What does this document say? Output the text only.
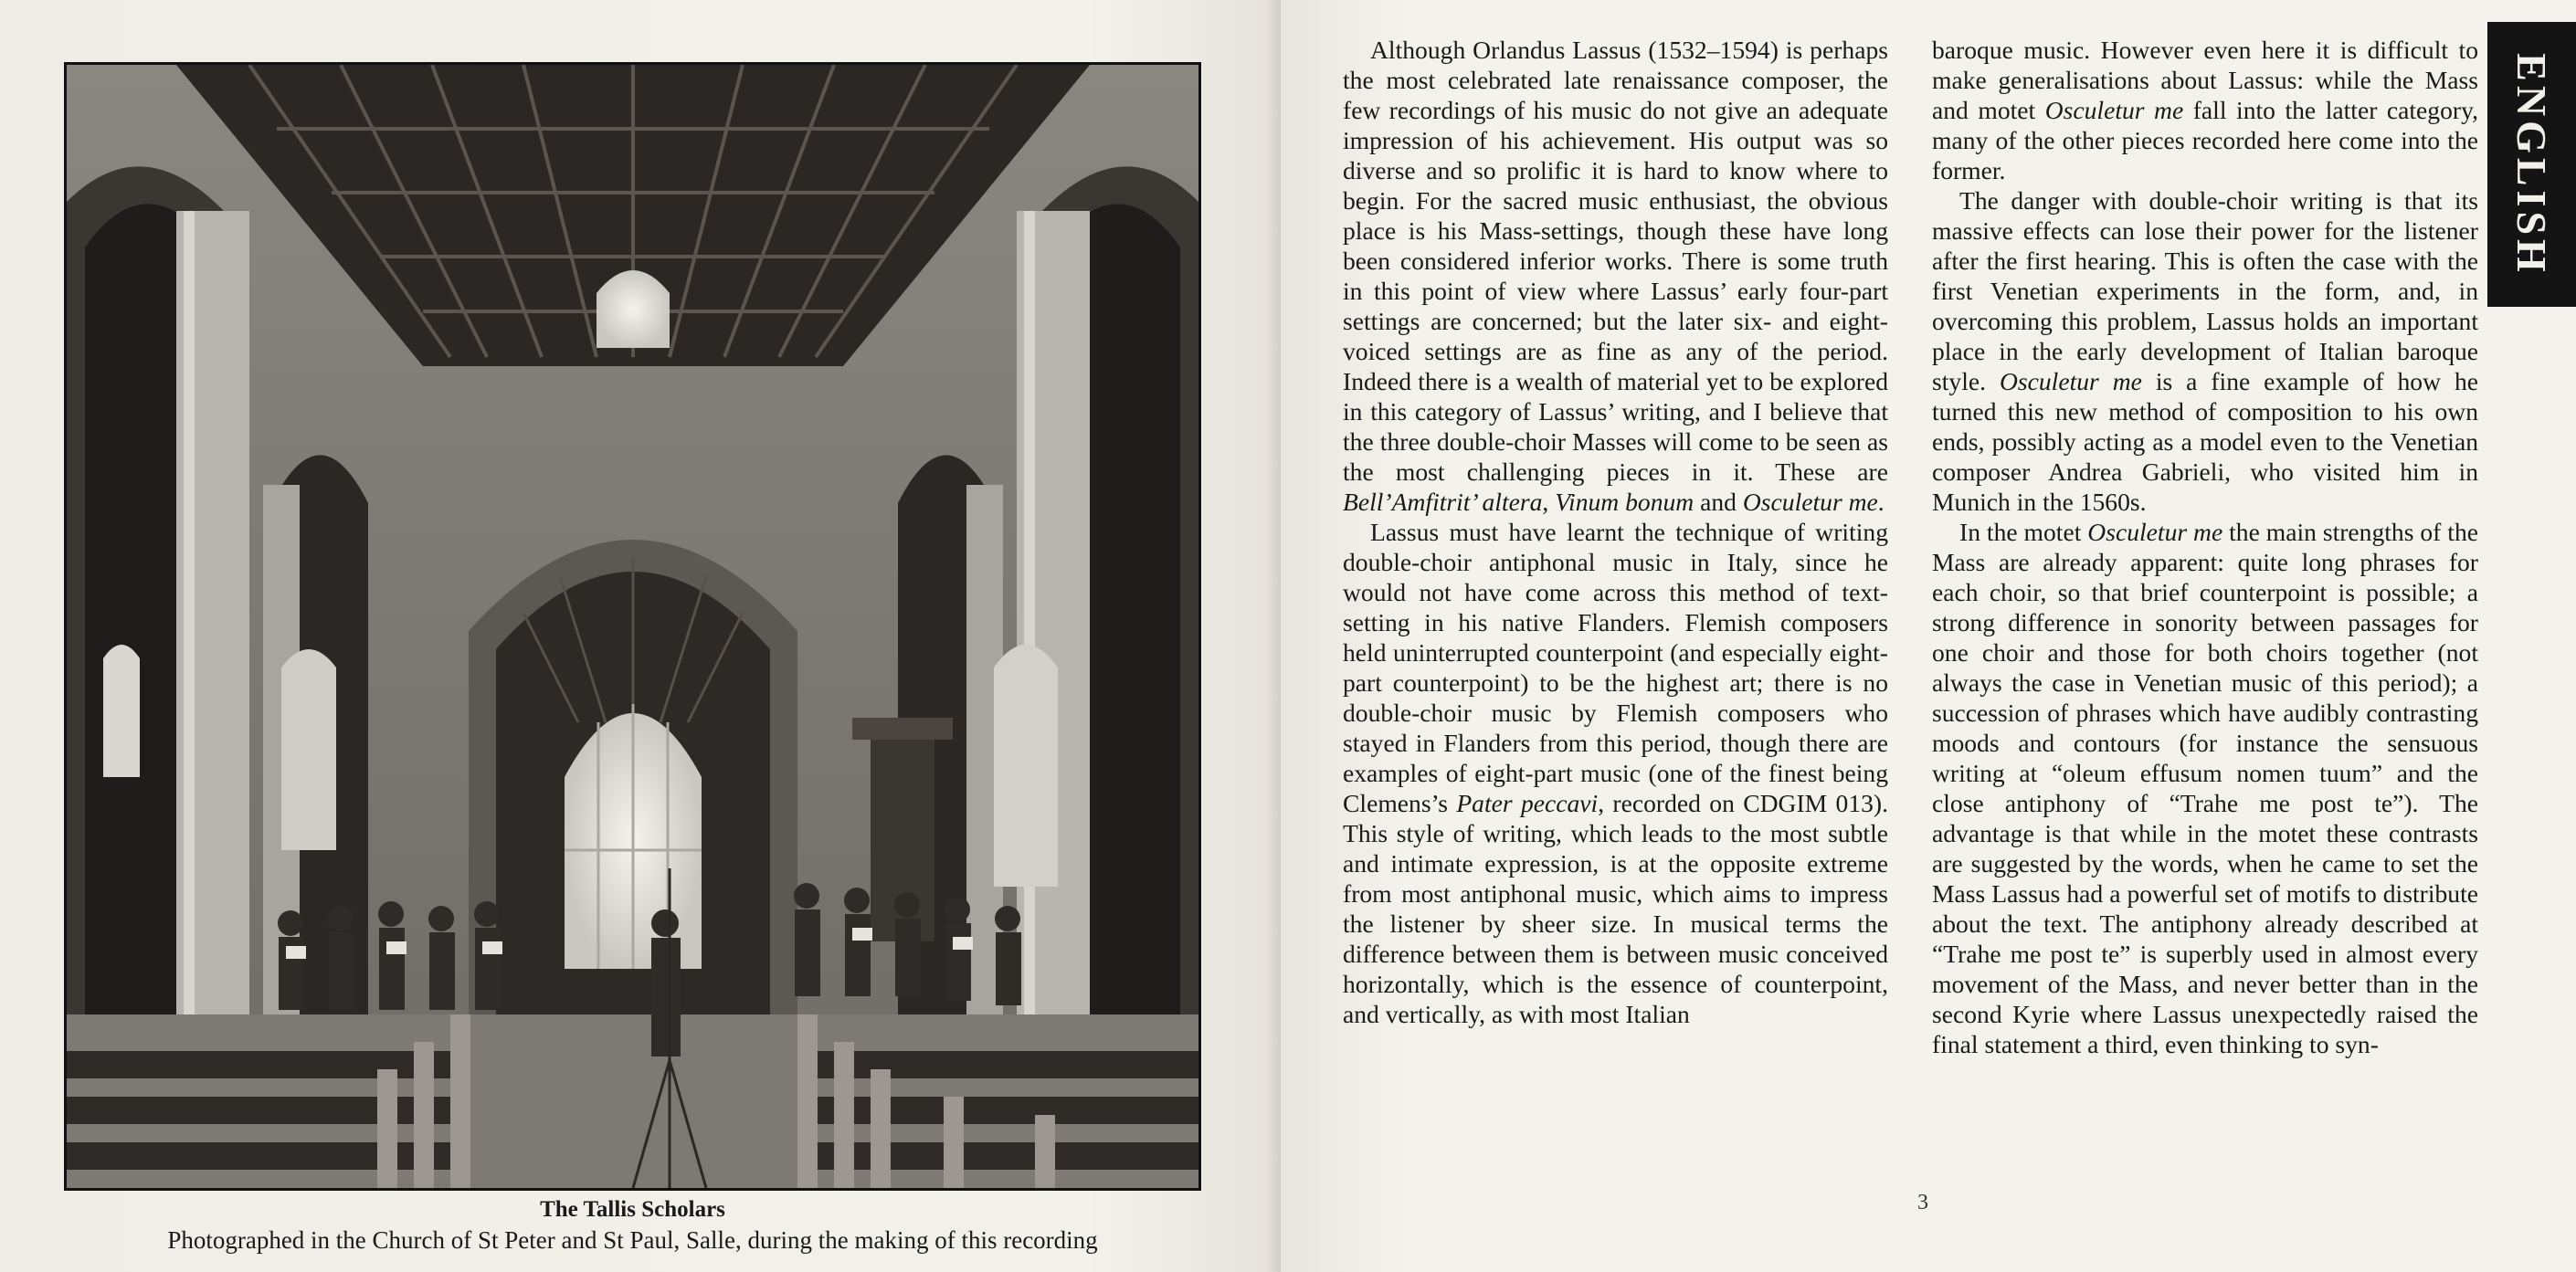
The Tallis Scholars
Photographed in the Church of St Peter and St Paul, Salle, during the making of this recording

Although Orlandus Lassus (1532–1594) is perhaps the most celebrated late renaissance composer, the few recordings of his music do not give an adequate impression of his achievement. His output was so diverse and so prolific it is hard to know where to begin. For the sacred music enthusiast, the obvious place is his Mass-settings, though these have long been considered inferior works. There is some truth in this point of view where Lassus’ early four-part settings are concerned; but the later six- and eight-voiced settings are as fine as any of the period. Indeed there is a wealth of material yet to be explored in this category of Lassus’ writing, and I believe that the three double-choir Masses will come to be seen as the most challenging pieces in it. These are Bell’Amfitrit’ altera, Vinum bonum and Osculetur me.

Lassus must have learnt the technique of writing double-choir antiphonal music in Italy, since he would not have come across this method of text-setting in his native Flanders. Flemish composers held uninterrupted counterpoint (and especially eight-part counterpoint) to be the highest art; there is no double-choir music by Flemish composers who stayed in Flanders from this period, though there are examples of eight-part music (one of the finest being Clemens’s Pater peccavi, recorded on CDGIM 013). This style of writing, which leads to the most subtle and intimate expression, is at the opposite extreme from most antiphonal music, which aims to impress the listener by sheer size. In musical terms the difference between them is between music conceived horizontally, which is the essence of counterpoint, and vertically, as with most Italian

baroque music. However even here it is difficult to make generalisations about Lassus: while the Mass and motet Osculetur me fall into the latter category, many of the other pieces recorded here come into the former.

The danger with double-choir writing is that its massive effects can lose their power for the listener after the first hearing. This is often the case with the first Venetian experiments in the form, and, in overcoming this problem, Lassus holds an important place in the early development of Italian baroque style. Osculetur me is a fine example of how he turned this new method of composition to his own ends, possibly acting as a model even to the Venetian composer Andrea Gabrieli, who visited him in Munich in the 1560s.

In the motet Osculetur me the main strengths of the Mass are already apparent: quite long phrases for each choir, so that brief counterpoint is possible; a strong difference in sonority between passages for one choir and those for both choirs together (not always the case in Venetian music of this period); a succession of phrases which have audibly contrasting moods and contours (for instance the sensuous writing at “oleum effusum nomen tuum” and the close antiphony of “Trahe me post te”). The advantage is that while in the motet these contrasts are suggested by the words, when he came to set the Mass Lassus had a powerful set of motifs to distribute about the text. The antiphony already described at “Trahe me post te” is superbly used in almost every movement of the Mass, and never better than in the second Kyrie where Lassus unexpectedly raised the final statement a third, even thinking to syn-

ENGLISH
3
